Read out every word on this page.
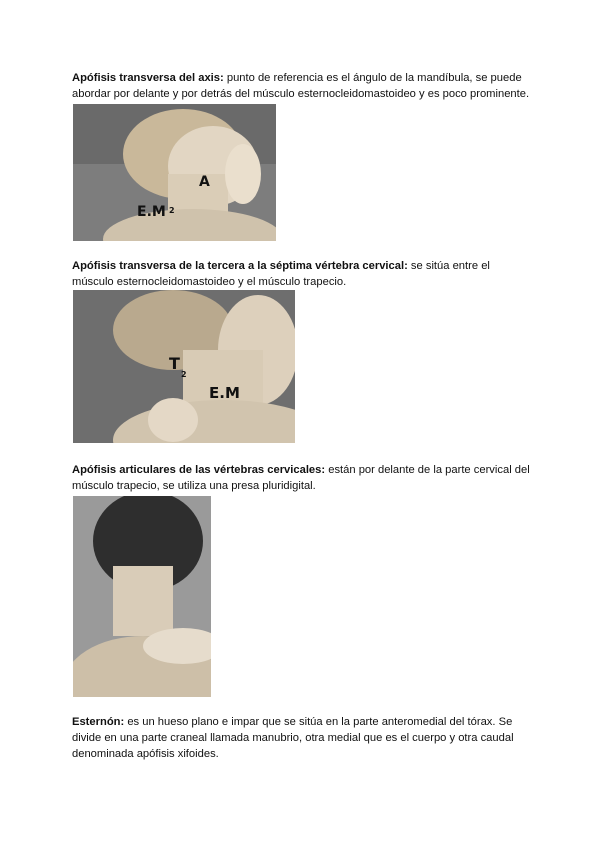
Apófisis transversa del axis: punto de referencia es el ángulo de la mandíbula, se puede abordar por delante y por detrás del músculo esternocleidomastoideo y es poco prominente.

A
E.M 2

Apófisis transversa de la tercera a la séptima vértebra cervical: se sitúa entre el músculo esternocleidomastoideo y el músculo trapecio.

T
2
E.M

Apófisis articulares de las vértebras cervicales: están por delante de la parte cervical del músculo trapecio, se utiliza una presa pluridigital.

Esternón: es un hueso plano e impar que se sitúa en la parte anteromedial del tórax. Se divide en una parte craneal llamada manubrio, otra medial que es el cuerpo y otra caudal denominada apófisis xifoides.
